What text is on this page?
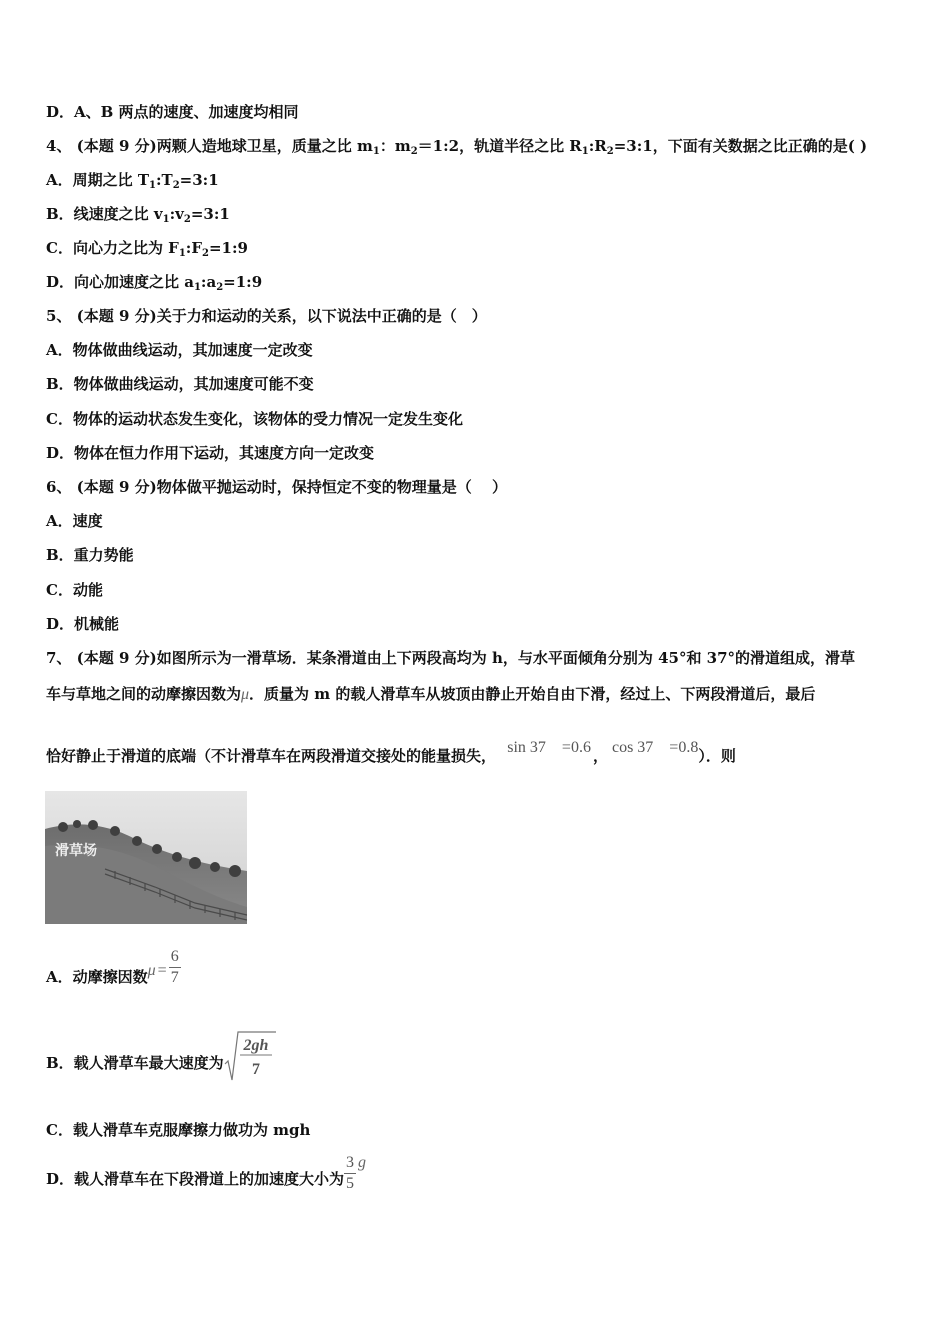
D．A、B 两点的速度、加速度均相同
4、 (本题 9 分)两颗人造地球卫星，质量之比 $m_1$：$m_2=1:2$，轨道半径之比 $R_1:R_2=3:1$，下面有关数据之比正确的是( )
A．周期之比 $T_1:T_2=3:1$
B．线速度之比 $v_1:v_2=3:1$
C．向心力之比为 $F_1:F_2=1:9$
D．向心加速度之比 $a_1:a_2=1:9$
5、 (本题 9 分)关于力和运动的关系，以下说法中正确的是（　）
A．物体做曲线运动，其加速度一定改变
B．物体做曲线运动，其加速度可能不变
C．物体的运动状态发生变化，该物体的受力情况一定发生变化
D．物体在恒力作用下运动，其速度方向一定改变
6、 (本题 9 分)物体做平抛运动时，保持恒定不变的物理量是（　 ）
A．速度
B．重力势能
C．动能
D．机械能
7、 (本题 9 分)如图所示为一滑草场．某条滑道由上下两段高均为 h，与水平面倾角分别为 45°和 37°的滑道组成，滑草
车与草地之间的动摩擦因数为μ．质量为 m 的载人滑草车从坡顶由静止开始自由下滑，经过上、下两段滑道后，最后
恰好静止于滑道的底端（不计滑草车在两段滑道交接处的能量损失， sin 37　=0.6 ， cos 37　=0.8）．则
滑草场
A．动摩擦因数$\mu = \frac{6}{7}$
B．载人滑草车最大速度为
2gh
7
C．载人滑草车克服摩擦力做功为 mgh
D．载人滑草车在下段滑道上的加速度大小为 $\frac{3}{5}$ g
